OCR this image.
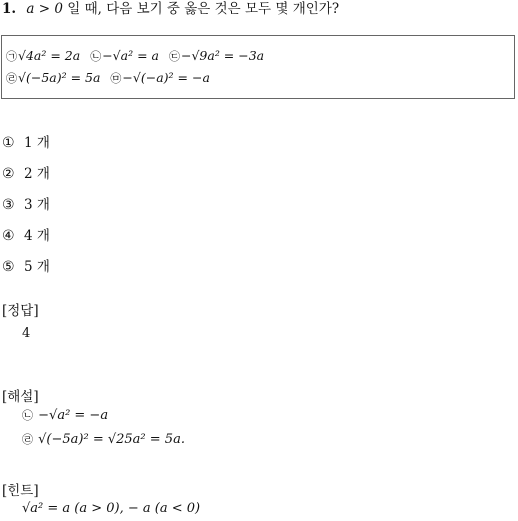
1. a > 0 일 때, 다음 보기 중 옳은 것은 모두 몇 개인가?
㉠√4a² = 2a ㉡−√a² = a ㉢−√9a² = −3a
㉣√(−5a)² = 5a ㉤−√(−a)² = −a
① 1 개
② 2 개
③ 3 개
④ 4 개
⑤ 5 개
[정답]
4
[해설]
㉡ −√a² = −a
㉣ √(−5a)² = √25a² = 5a.
[힌트]
√a² = a (a > 0), − a (a < 0)
